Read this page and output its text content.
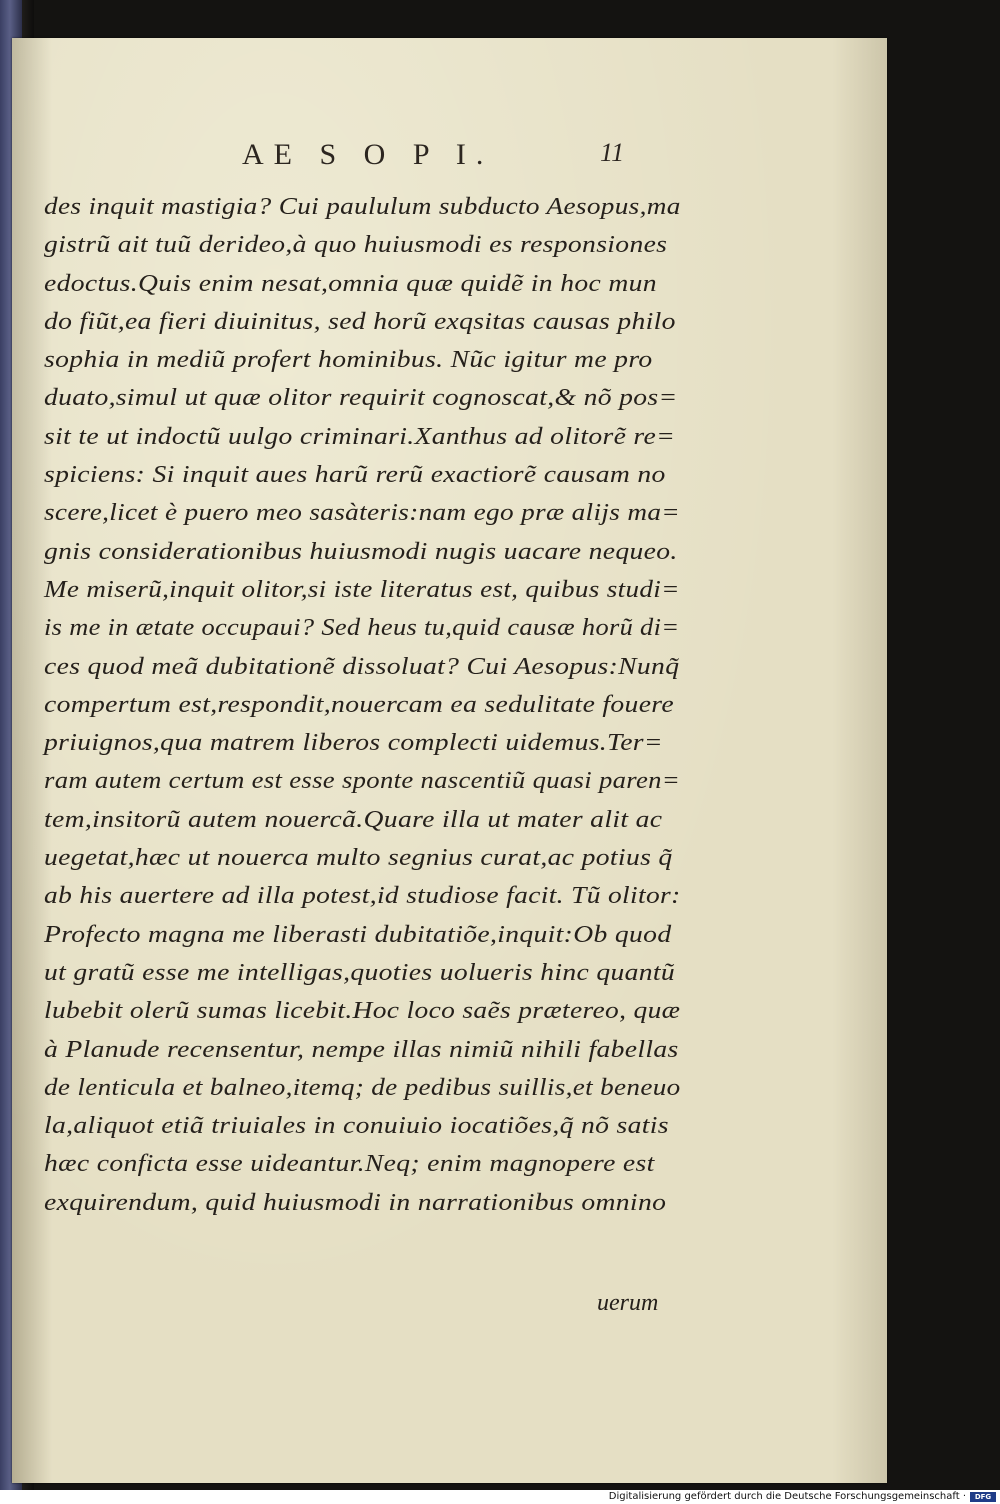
AE S O P I.	11
des inquit mastigia? Cui paululum subducto Aesopus,ma
gistrũ ait tuũ derideo,à quo huiusmodi es responsiones
edoctus.Quis enim nesat,omnia quæ quidẽ in hoc mun
do fiũt,ea fieri diuinitus, sed horũ exqsitas causas philo
sophia in mediũ profert hominibus. Nũc igitur me pro
duato,simul ut quæ olitor requirit cognoscat,& nõ pos=
sit te ut indoctũ uulgo criminari.Xanthus ad olitorẽ re=
spiciens: Si inquit aues harũ rerũ exactiorẽ causam no
scere,licet è puero meo sasàteris:nam ego præ alijs ma=
gnis considerationibus huiusmodi nugis uacare nequeo.
Me miserũ,inquit olitor,si iste literatus est, quibus studi=
is me in ætate occupaui? Sed heus tu,quid causæ horũ di=
ces quod meã dubitationẽ dissoluat? Cui Aesopus:Nunq̃
compertum est,respondit,nouercam ea sedulitate fouere
priuignos,qua matrem liberos complecti uidemus.Ter=
ram autem certum est esse sponte nascentiũ quasi paren=
tem,insitorũ autem nouercã.Quare illa ut mater alit ac
uegetat,hæc ut nouerca multo segnius curat,ac potius q̃
ab his auertere ad illa potest,id studiose facit. Tũ olitor:
Profecto magna me liberasti dubitatiõe,inquit:Ob quod
ut gratũ esse me intelligas,quoties uolueris hinc quantũ
lubebit olerũ sumas licebit.Hoc loco saẽs prætereo, quæ
à Planude recensentur, nempe illas nimiũ nihili fabellas
de lenticula et balneo,itemq; de pedibus suillis,et beneuo
la,aliquot etiã triuiales in conuiuio iocatiões,q̃ nõ satis
hæc conficta esse uideantur.Neq; enim magnopere est
exquirendum, quid huiusmodi in narrationibus omnino
uerum
Digitalisierung gefördert durch die Deutsche Forschungsgemeinschaft ·	DFG
